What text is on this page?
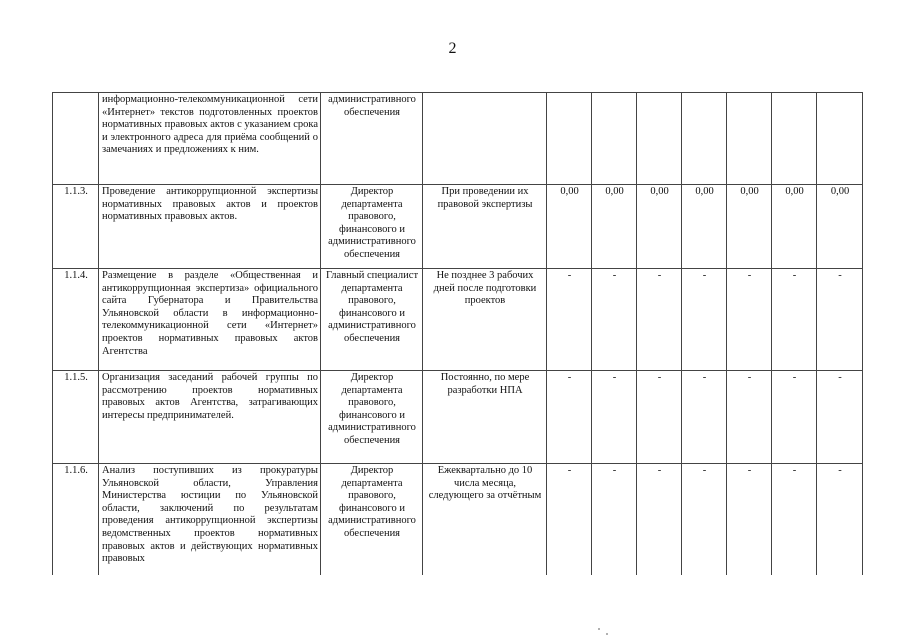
2
	информационно-телекоммуникационной сети «Интернет» текстов подготовленных проектов нормативных правовых актов с указанием срока и электронного адреса для приёма сообщений о замечаниях и предложениях к ним.	административного обеспечения								
1.1.3.	Проведение антикоррупционной экспертизы нормативных правовых актов и проектов нормативных правовых актов.	Директор департамента правового, финансового и административного обеспечения	При проведении их правовой экспертизы	0,00	0,00	0,00	0,00	0,00	0,00	0,00
1.1.4.	Размещение в разделе «Общественная и антикоррупционная экспертиза» официального сайта Губернатора и Правительства Ульяновской области в информационно-телекоммуникационной сети «Интернет» проектов нормативных правовых актов Агентства	Главный специалист департамента правового, финансового и административного обеспечения	Не позднее 3 рабочих дней после подготовки проектов	-	-	-	-	-	-	-
1.1.5.	Организация заседаний рабочей группы по рассмотрению проектов нормативных правовых актов Агентства, затрагивающих интересы предпринимателей.	Директор департамента правового, финансового и административного обеспечения	Постоянно, по мере разработки НПА	-	-	-	-	-	-	-
1.1.6.	Анализ поступивших из прокуратуры Ульяновской области, Управления Министерства юстиции по Ульяновской области, заключений по результатам проведения антикоррупционной экспертизы ведомственных проектов нормативных правовых актов и действующих нормативных правовых	Директор департамента правового, финансового и административного обеспечения	Ежеквартально до 10 числа месяца, следующего за отчётным	-	-	-	-	-	-	-
